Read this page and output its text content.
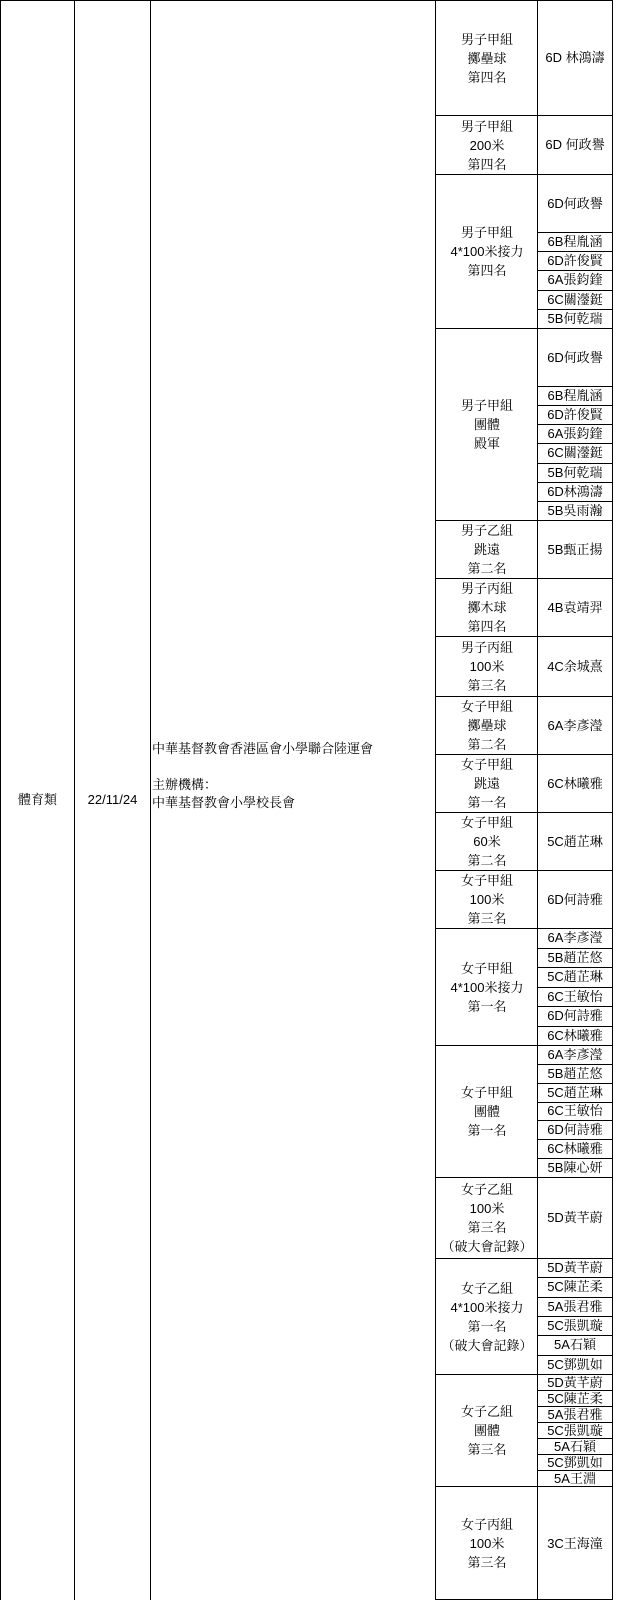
體育類	22/11/24
中華基督教會香港區會小學聯合陸運會
主辦機構：
中華基督教會小學校長會
男子甲組
擲壘球
第四名
6D 林鴻濤
男子甲組
200米
第四名
6D 何政譽
男子甲組
4*100米接力
第四名
6D何政譽
6B程胤涵
6D許俊賢
6A張鈞鍷
6C關灐鋌
5B何乾瑞
男子甲組
團體
殿軍
6D何政譽
6B程胤涵
6D許俊賢
6A張鈞鍷
6C關灐鋌
5B何乾瑞
6D林鴻濤
5B吳雨瀚
男子乙組
跳遠
第二名
5B甄正揚
男子丙組
擲木球
第四名
4B袁靖羿
男子丙組
100米
第三名
4C余城熹
女子甲組
擲壘球
第二名
6A李彥瀅
女子甲組
跳遠
第一名
6C林曦雅
女子甲組
60米
第二名
5C趙芷琳
女子甲組
100米
第三名
6D何詩雅
女子甲組
4*100米接力
第一名
6A李彥瀅
5B趙芷悠
5C趙芷琳
6C王敏怡
6D何詩雅
6C林曦雅
女子甲組
團體
第一名
6A李彥瀅
5B趙芷悠
5C趙芷琳
6C王敏怡
6D何詩雅
6C林曦雅
5B陳心妍
女子乙組
100米
第三名
（破大會記錄）
5D黃芊蔚
女子乙組
4*100米接力
第一名
（破大會記錄）
5D黃芊蔚
5C陳芷柔
5A張君雅
5C張凱璇
5A石穎
5C鄧凱如
女子乙組
團體
第三名
5D黃芊蔚
5C陳芷柔
5A張君雅
5C張凱璇
5A石穎
5C鄧凱如
5A王淵
女子丙組
100米
第三名
3C王海潼
